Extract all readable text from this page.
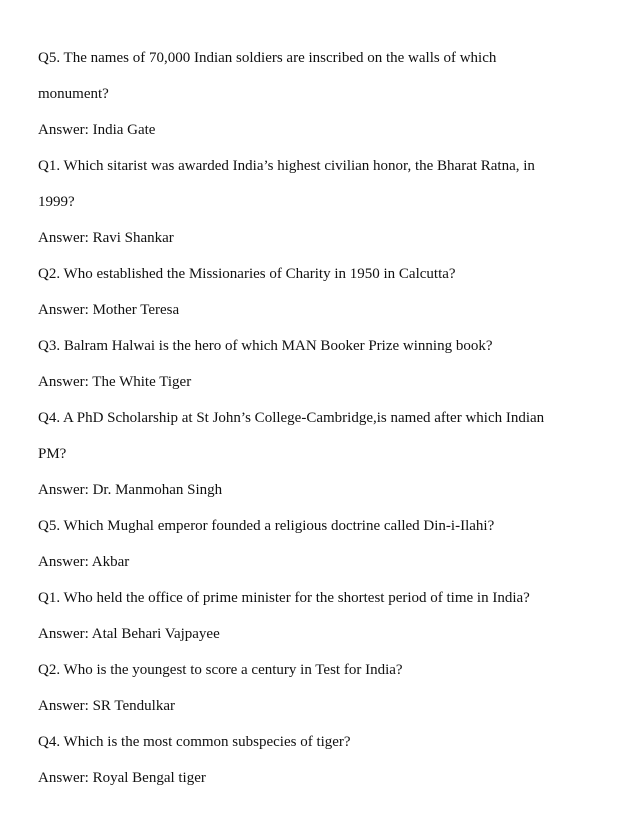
Q5. The names of 70,000 Indian soldiers are inscribed on the walls of which
monument?
Answer: India Gate
Q1. Which sitarist was awarded India’s highest civilian honor, the Bharat Ratna, in
1999?
Answer: Ravi Shankar
Q2. Who established the Missionaries of Charity in 1950 in Calcutta?
Answer: Mother Teresa
Q3. Balram Halwai is the hero of which MAN Booker Prize winning book?
Answer: The White Tiger
Q4. A PhD Scholarship at St John’s College-Cambridge,is named after which Indian
PM?
Answer: Dr. Manmohan Singh
Q5. Which Mughal emperor founded a religious doctrine called Din-i-Ilahi?
Answer: Akbar
Q1. Who held the office of prime minister for the shortest period of time in India?
Answer: Atal Behari Vajpayee
Q2. Who is the youngest to score a century in Test for India?
Answer: SR Tendulkar
Q4. Which is the most common subspecies of tiger?
Answer: Royal Bengal tiger
